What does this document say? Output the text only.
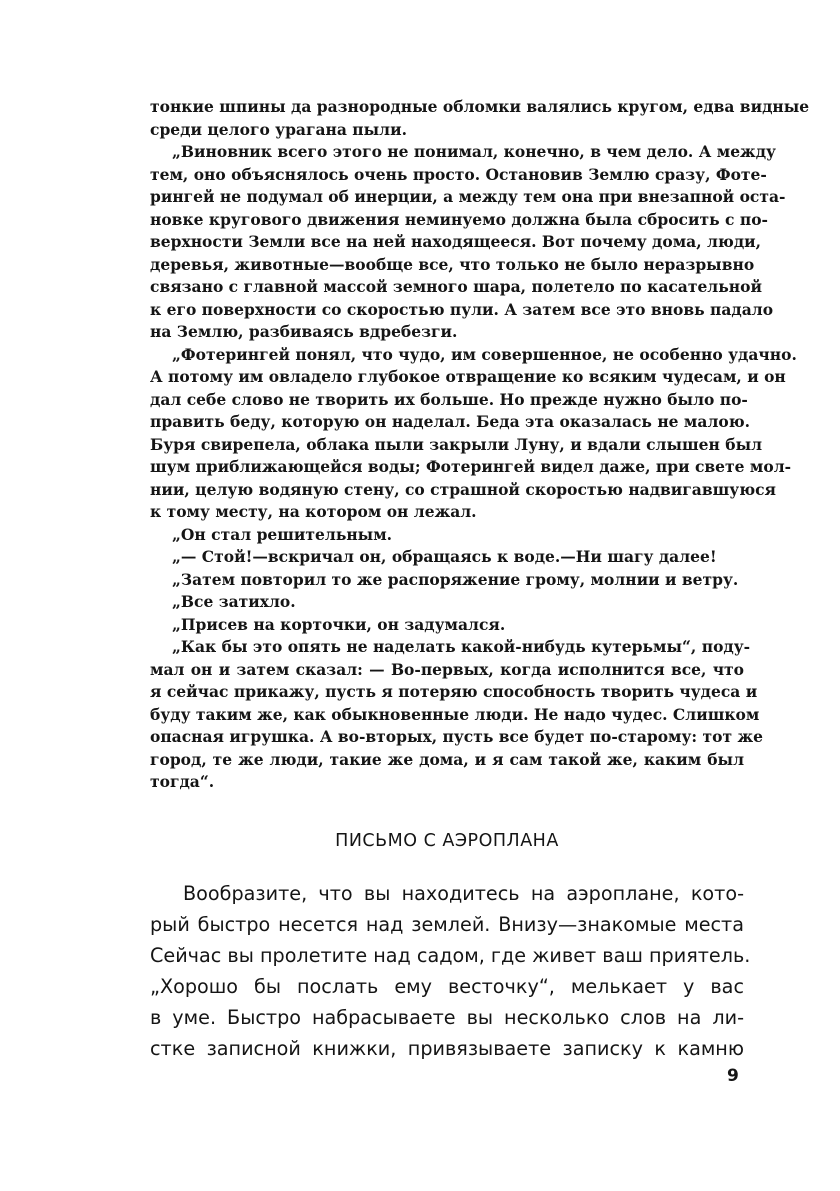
тонкие шпины да разнородные обломки валялись кругом, едва видные
среди целого урагана пыли.
„Виновник всего этого не понимал, конечно, в чем дело. А между
тем, оно объяснялось очень просто. Остановив Землю сразу, Фоте-
рингей не подумал об инерции, а между тем она при внезапной оста-
новке кругового движения неминуемо должна была сбросить с по-
верхности Земли все на ней находящееся. Вот почему дома, люди,
деревья, животные—вообще все, что только не было неразрывно
связано с главной массой земного шара, полетело по касательной
к его поверхности со скоростью пули. А затем все это вновь падало
на Землю, разбиваясь вдребезги.
„Фотерингей понял, что чудо, им совершенное, не особенно удачно.
А потому им овладело глубокое отвращение ко всяким чудесам, и он
дал себе слово не творить их больше. Но прежде нужно было по-
править беду, которую он наделал. Беда эта оказалась не малою.
Буря свирепела, облака пыли закрыли Луну, и вдали слышен был
шум приближающейся воды; Фотерингей видел даже, при свете мол-
нии, целую водяную стену, со страшной скоростью надвигавшуюся
к тому месту, на котором он лежал.
„Он стал решительным.
„— Стой!—вскричал он, обращаясь к воде.—Ни шагу далее!
„Затем повторил то же распоряжение грому, молнии и ветру.
„Все затихло.
„Присев на корточки, он задумался.
„Как бы это опять не наделать какой-нибудь кутерьмы“, поду-
мал он и затем сказал: — Во-первых, когда исполнится все, что
я сейчас прикажу, пусть я потеряю способность творить чудеса и
буду таким же, как обыкновенные люди. Не надо чудес. Слишком
опасная игрушка. А во-вторых, пусть все будет по-старому: тот же
город, те же люди, такие же дома, и я сам такой же, каким был
тогда“.
ПИСЬМО С АЭРОПЛАНА
Вообразите, что вы находитесь на аэроплане, кото-
рый быстро несется над землей. Внизу—знакомые места
Сейчас вы пролетите над садом, где живет ваш приятель.
„Хорошо бы послать ему весточку“, мелькает у вас
в уме. Быстро набрасываете вы несколько слов на ли-
стке записной книжки, привязываете записку к камню
9
